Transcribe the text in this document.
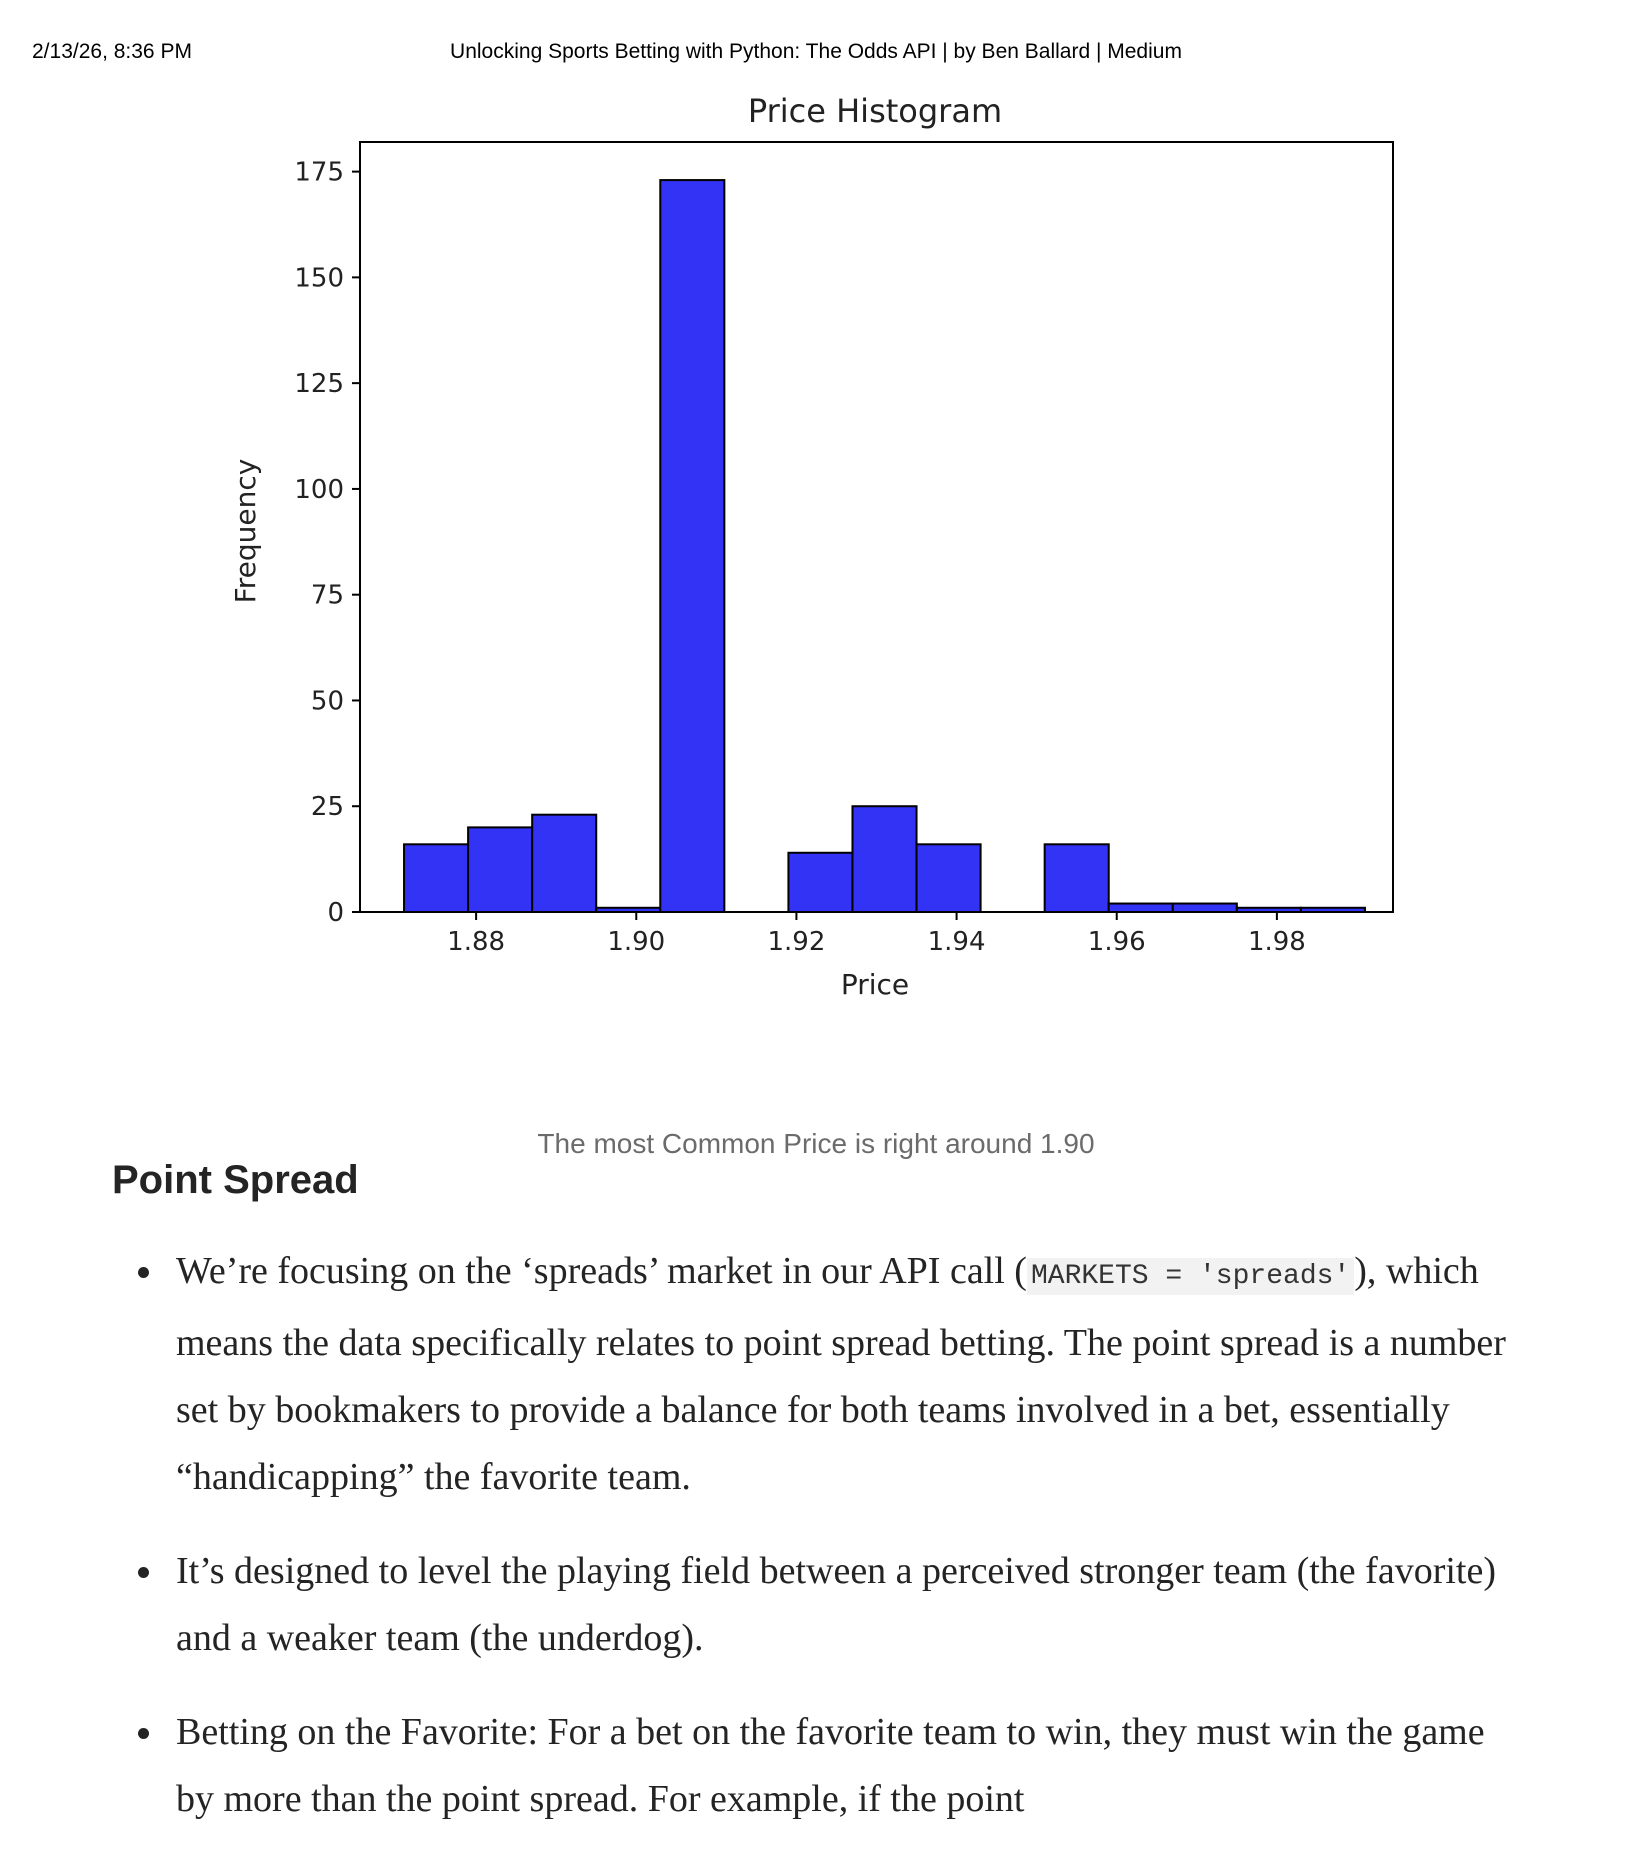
2/13/26, 8:36 PM	Unlocking Sports Betting with Python: The Odds API | by Ben Ballard | Medium
Price Histogram
0
25
50
75
100
125
150
175
1.88	1.90	1.92	1.94	1.96	1.98
Price
Frequency
The most Common Price is right around 1.90
Point Spread
We’re focusing on the ‘spreads’ market in our API call ( MARKETS = 'spreads' ), which means the data specifically relates to point spread betting. The point spread is a number set by bookmakers to provide a balance for both teams involved in a bet, essentially “handicapping” the favorite team.
It’s designed to level the playing field between a perceived stronger team (the favorite) and a weaker team (the underdog).
Betting on the Favorite: For a bet on the favorite team to win, they must win the game by more than the point spread. For example, if the point
